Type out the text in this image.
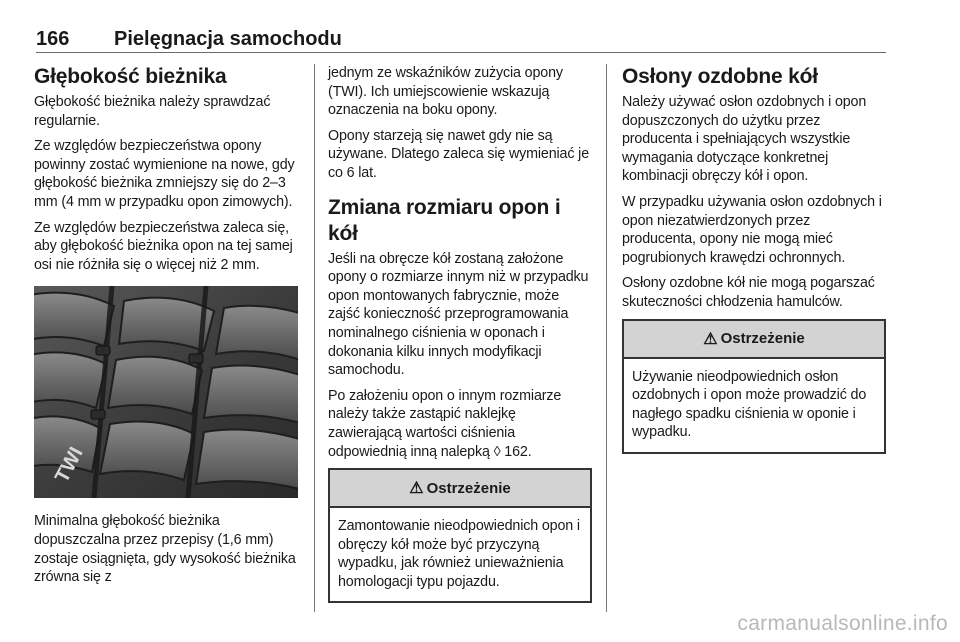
166 Pielęgnacja samochodu
Głębokość bieżnika

Głębokość bieżnika należy sprawdzać regularnie.

Ze względów bezpieczeństwa opony powinny zostać wymienione na nowe, gdy głębokość bieżnika zmniejszy się do 2–3 mm (4 mm w przypadku opon zimowych).

Ze względów bezpieczeństwa zaleca się, aby głębokość bieżnika opon na tej samej osi nie różniła się o więcej niż 2 mm.

TWI

Minimalna głębokość bieżnika dopuszczalna przez przepisy (1,6 mm) zostaje osiągnięta, gdy wysokość bieżnika zrówna się z

jednym ze wskaźników zużycia opony (TWI). Ich umiejscowienie wskazują oznaczenia na boku opony.

Opony starzeją się nawet gdy nie są używane. Dlatego zaleca się wymieniać je co 6 lat.

Zmiana rozmiaru opon i kół

Jeśli na obręcze kół zostaną założone opony o rozmiarze innym niż w przypadku opon montowanych fabrycznie, może zajść konieczność przeprogramowania nominalnego ciśnienia w oponach i dokonania kilku innych modyfikacji samochodu.

Po założeniu opon o innym rozmiarze należy także zastąpić naklejkę zawierającą wartości ciśnienia odpowiednią inną nalepką ◊ 162.

⚠ Ostrzeżenie

Zamontowanie nieodpowiednich opon i obręczy kół może być przyczyną wypadku, jak również unieważnienia homologacji typu pojazdu.

Osłony ozdobne kół

Należy używać osłon ozdobnych i opon dopuszczonych do użytku przez producenta i spełniających wszystkie wymagania dotyczące konkretnej kombinacji obręczy kół i opon.

W przypadku używania osłon ozdobnych i opon niezatwierdzonych przez producenta, opony nie mogą mieć pogrubionych krawędzi ochronnych.

Osłony ozdobne kół nie mogą pogarszać skuteczności chłodzenia hamulców.

⚠ Ostrzeżenie

Używanie nieodpowiednich osłon ozdobnych i opon może prowadzić do nagłego spadku ciśnienia w oponie i wypadku.

carmanualsonline.info
